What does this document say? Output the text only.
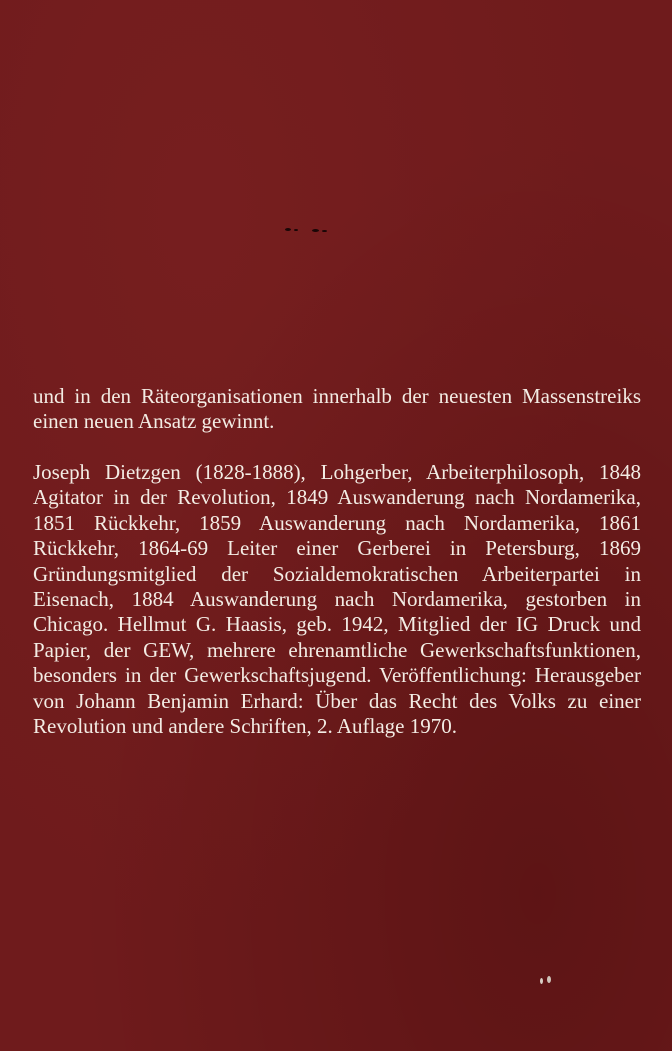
und in den Räteorganisationen innerhalb der neuesten Massenstreiks einen neuen Ansatz gewinnt.

Joseph Dietzgen (1828-1888), Lohgerber, Arbeiterphilosoph, 1848 Agitator in der Revolution, 1849 Auswanderung nach Nordamerika, 1851 Rückkehr, 1859 Auswanderung nach Nordamerika, 1861 Rückkehr, 1864-69 Leiter einer Gerberei in Petersburg, 1869 Gründungsmitglied der Sozialdemokratischen Arbeiterpartei in Eisenach, 1884 Auswanderung nach Nordamerika, gestorben in Chicago. Hellmut G. Haasis, geb. 1942, Mitglied der IG Druck und Papier, der GEW, mehrere ehrenamtliche Gewerkschaftsfunktionen, besonders in der Gewerkschaftsjugend. Veröffentlichung: Herausgeber von Johann Benjamin Erhard: Über das Recht des Volks zu einer Revolution und andere Schriften, 2. Auflage 1970.
